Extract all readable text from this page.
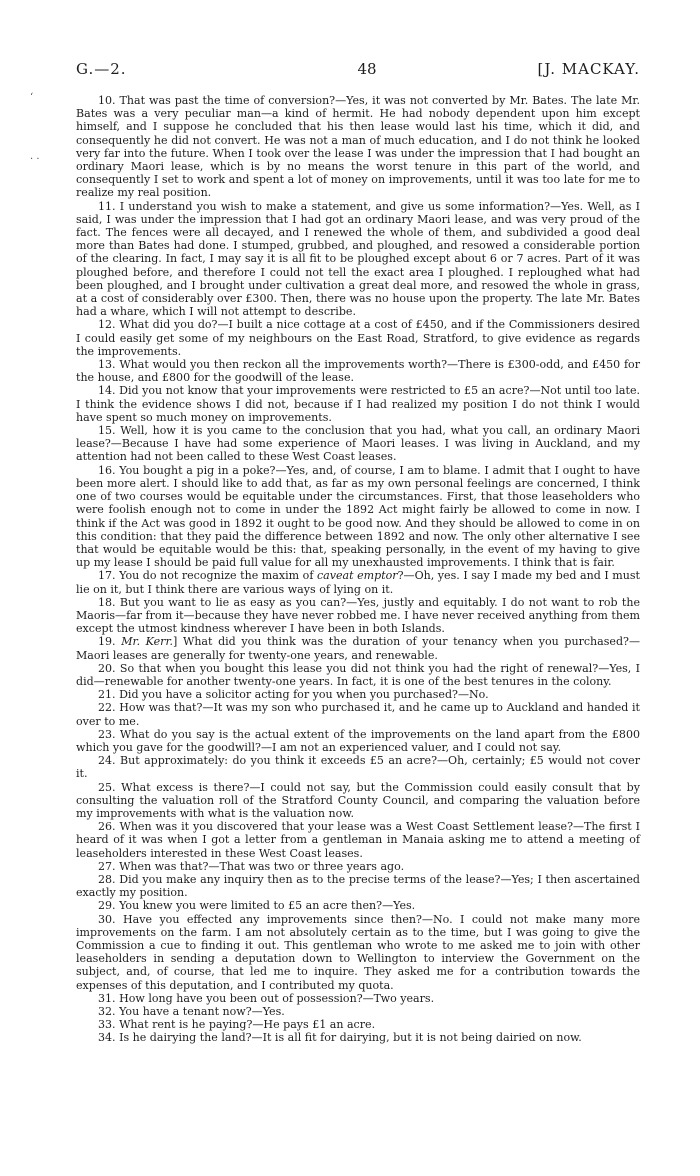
‘
· ·
G.—2.	48	[J. MACKAY.

10. That was past the time of conversion?—Yes, it was not converted by Mr. Bates. The late Mr. Bates was a very peculiar man—a kind of hermit. He had nobody dependent upon him except himself, and I suppose he concluded that his then lease would last his time, which it did, and consequently he did not convert. He was not a man of much education, and I do not think he looked very far into the future. When I took over the lease I was under the impression that I had bought an ordinary Maori lease, which is by no means the worst tenure in this part of the world, and consequently I set to work and spent a lot of money on improvements, until it was too late for me to realize my real position.

11. I understand you wish to make a statement, and give us some information?—Yes. Well, as I said, I was under the impression that I had got an ordinary Maori lease, and was very proud of the fact. The fences were all decayed, and I renewed the whole of them, and subdivided a good deal more than Bates had done. I stumped, grubbed, and ploughed, and resowed a considerable portion of the clearing. In fact, I may say it is all fit to be ploughed except about 6 or 7 acres. Part of it was ploughed before, and therefore I could not tell the exact area I ploughed. I reploughed what had been ploughed, and I brought under cultivation a great deal more, and resowed the whole in grass, at a cost of considerably over £300. Then, there was no house upon the property. The late Mr. Bates had a whare, which I will not attempt to describe.

12. What did you do?—I built a nice cottage at a cost of £450, and if the Commissioners desired I could easily get some of my neighbours on the East Road, Stratford, to give evidence as regards the improvements.

13. What would you then reckon all the improvements worth?—There is £300-odd, and £450 for the house, and £800 for the goodwill of the lease.

14. Did you not know that your improvements were restricted to £5 an acre?—Not until too late. I think the evidence shows I did not, because if I had realized my position I do not think I would have spent so much money on improvements.

15. Well, how it is you came to the conclusion that you had, what you call, an ordinary Maori lease?—Because I have had some experience of Maori leases. I was living in Auckland, and my attention had not been called to these West Coast leases.

16. You bought a pig in a poke?—Yes, and, of course, I am to blame. I admit that I ought to have been more alert. I should like to add that, as far as my own personal feelings are concerned, I think one of two courses would be equitable under the circumstances. First, that those leaseholders who were foolish enough not to come in under the 1892 Act might fairly be allowed to come in now. I think if the Act was good in 1892 it ought to be good now. And they should be allowed to come in on this condition: that they paid the difference between 1892 and now. The only other alternative I see that would be equitable would be this: that, speaking personally, in the event of my having to give up my lease I should be paid full value for all my unexhausted improvements. I think that is fair.

17. You do not recognize the maxim of caveat emptor?—Oh, yes. I say I made my bed and I must lie on it, but I think there are various ways of lying on it.

18. But you want to lie as easy as you can?—Yes, justly and equitably. I do not want to rob the Maoris—far from it—because they have never robbed me. I have never received anything from them except the utmost kindness wherever I have been in both Islands.

19. Mr. Kerr.] What did you think was the duration of your tenancy when you purchased?—Maori leases are generally for twenty-one years, and renewable.

20. So that when you bought this lease you did not think you had the right of renewal?—Yes, I did—renewable for another twenty-one years. In fact, it is one of the best tenures in the colony.

21. Did you have a solicitor acting for you when you purchased?—No.

22. How was that?—It was my son who purchased it, and he came up to Auckland and handed it over to me.

23. What do you say is the actual extent of the improvements on the land apart from the £800 which you gave for the goodwill?—I am not an experienced valuer, and I could not say.

24. But approximately: do you think it exceeds £5 an acre?—Oh, certainly; £5 would not cover it.

25. What excess is there?—I could not say, but the Commission could easily consult that by consulting the valuation roll of the Stratford County Council, and comparing the valuation before my improvements with what is the valuation now.

26. When was it you discovered that your lease was a West Coast Settlement lease?—The first I heard of it was when I got a letter from a gentleman in Manaia asking me to attend a meeting of leaseholders interested in these West Coast leases.

27. When was that?—That was two or three years ago.

28. Did you make any inquiry then as to the precise terms of the lease?—Yes; I then ascertained exactly my position.

29. You knew you were limited to £5 an acre then?—Yes.

30. Have you effected any improvements since then?—No. I could not make many more improvements on the farm. I am not absolutely certain as to the time, but I was going to give the Commission a cue to finding it out. This gentleman who wrote to me asked me to join with other leaseholders in sending a deputation down to Wellington to interview the Government on the subject, and, of course, that led me to inquire. They asked me for a contribution towards the expenses of this deputation, and I contributed my quota.

31. How long have you been out of possession?—Two years.

32. You have a tenant now?—Yes.

33. What rent is he paying?—He pays £1 an acre.

34. Is he dairying the land?—It is all fit for dairying, but it is not being dairied on now.
